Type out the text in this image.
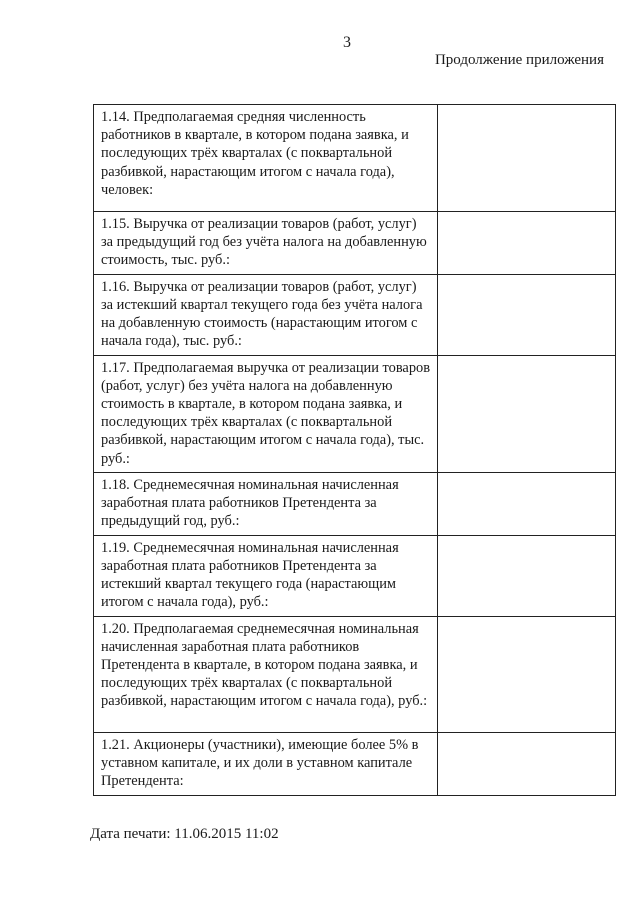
3
Продолжение приложения
1.14. Предполагаемая средняя численность работников в квартале, в котором подана заявка, и последующих трёх кварталах (с поквартальной разбивкой, нарастающим итогом с начала года), человек:	
1.15. Выручка от реализации товаров (работ, услуг) за предыдущий год без учёта налога на добавленную стоимость, тыс. руб.:	
1.16. Выручка от реализации товаров (работ, услуг) за истекший квартал текущего года без учёта налога на добавленную стоимость (нарастающим итогом с начала года), тыс. руб.:	
1.17. Предполагаемая выручка от реализации товаров (работ, услуг) без учёта налога на добавленную стоимость в квартале, в котором подана заявка, и последующих трёх кварталах (с поквартальной разбивкой, нарастающим итогом с начала года), тыс. руб.:	
1.18. Среднемесячная номинальная начисленная заработная плата работников Претендента за предыдущий год, руб.:	
1.19. Среднемесячная номинальная начисленная заработная плата работников Претендента за истекший квартал текущего года (нарастающим итогом с начала года), руб.:	
1.20. Предполагаемая среднемесячная номинальная начисленная заработная плата работников Претендента в квартале, в котором подана заявка, и последующих трёх кварталах (с поквартальной разбивкой, нарастающим итогом с начала года), руб.:	
1.21. Акционеры (участники), имеющие более 5% в уставном капитале, и их доли в уставном капитале Претендента:	
Дата печати: 11.06.2015 11:02
